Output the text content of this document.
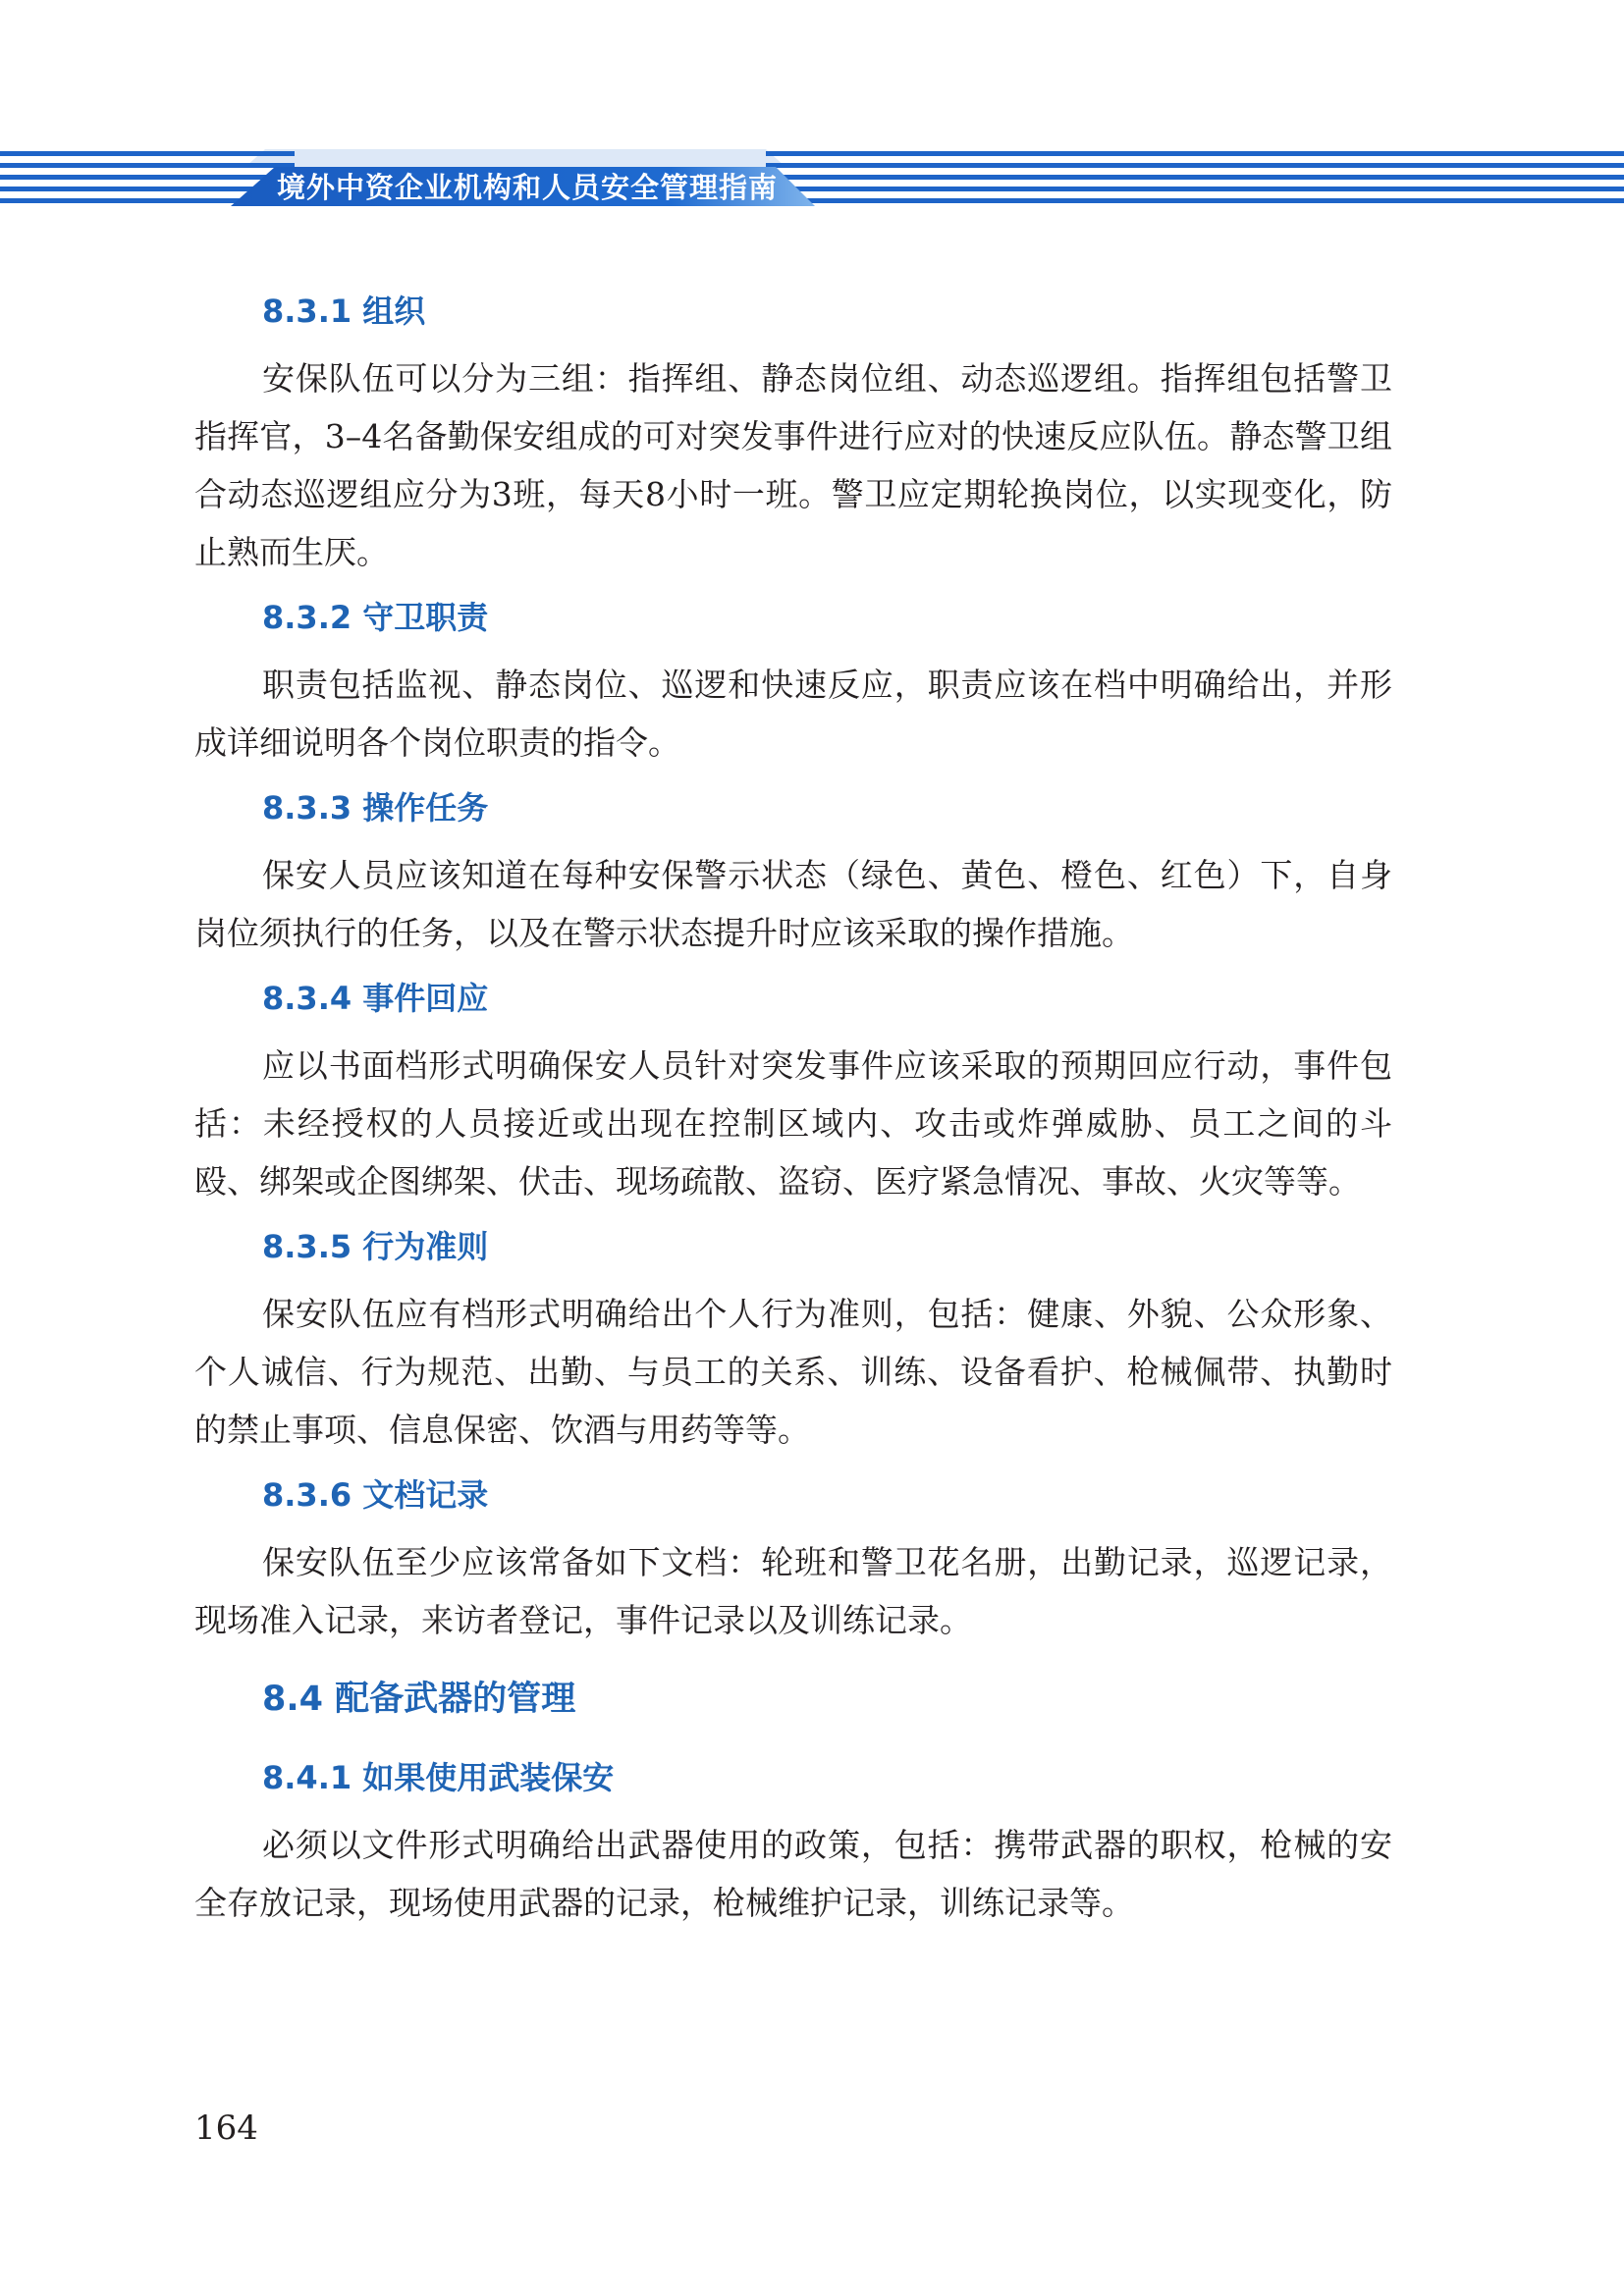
境外中资企业机构和人员安全管理指南
8.3.1 组织

安保队伍可以分为三组：指挥组、静态岗位组、动态巡逻组。指挥组包括警卫指挥官，3–4名备勤保安组成的可对突发事件进行应对的快速反应队伍。静态警卫组合动态巡逻组应分为3班，每天8小时一班。警卫应定期轮换岗位，以实现变化，防止熟而生厌。

8.3.2 守卫职责

职责包括监视、静态岗位、巡逻和快速反应，职责应该在档中明确给出，并形成详细说明各个岗位职责的指令。

8.3.3 操作任务

保安人员应该知道在每种安保警示状态（绿色、黄色、橙色、红色）下，自身岗位须执行的任务，以及在警示状态提升时应该采取的操作措施。

8.3.4 事件回应

应以书面档形式明确保安人员针对突发事件应该采取的预期回应行动，事件包括：未经授权的人员接近或出现在控制区域内、攻击或炸弹威胁、员工之间的斗殴、绑架或企图绑架、伏击、现场疏散、盗窃、医疗紧急情况、事故、火灾等等。

8.3.5 行为准则

保安队伍应有档形式明确给出个人行为准则，包括：健康、外貌、公众形象、个人诚信、行为规范、出勤、与员工的关系、训练、设备看护、枪械佩带、执勤时的禁止事项、信息保密、饮酒与用药等等。

8.3.6 文档记录

保安队伍至少应该常备如下文档：轮班和警卫花名册，出勤记录，巡逻记录，现场准入记录，来访者登记，事件记录以及训练记录。

8.4 配备武器的管理
8.4.1 如果使用武装保安

必须以文件形式明确给出武器使用的政策，包括：携带武器的职权，枪械的安全存放记录，现场使用武器的记录，枪械维护记录，训练记录等。

164
